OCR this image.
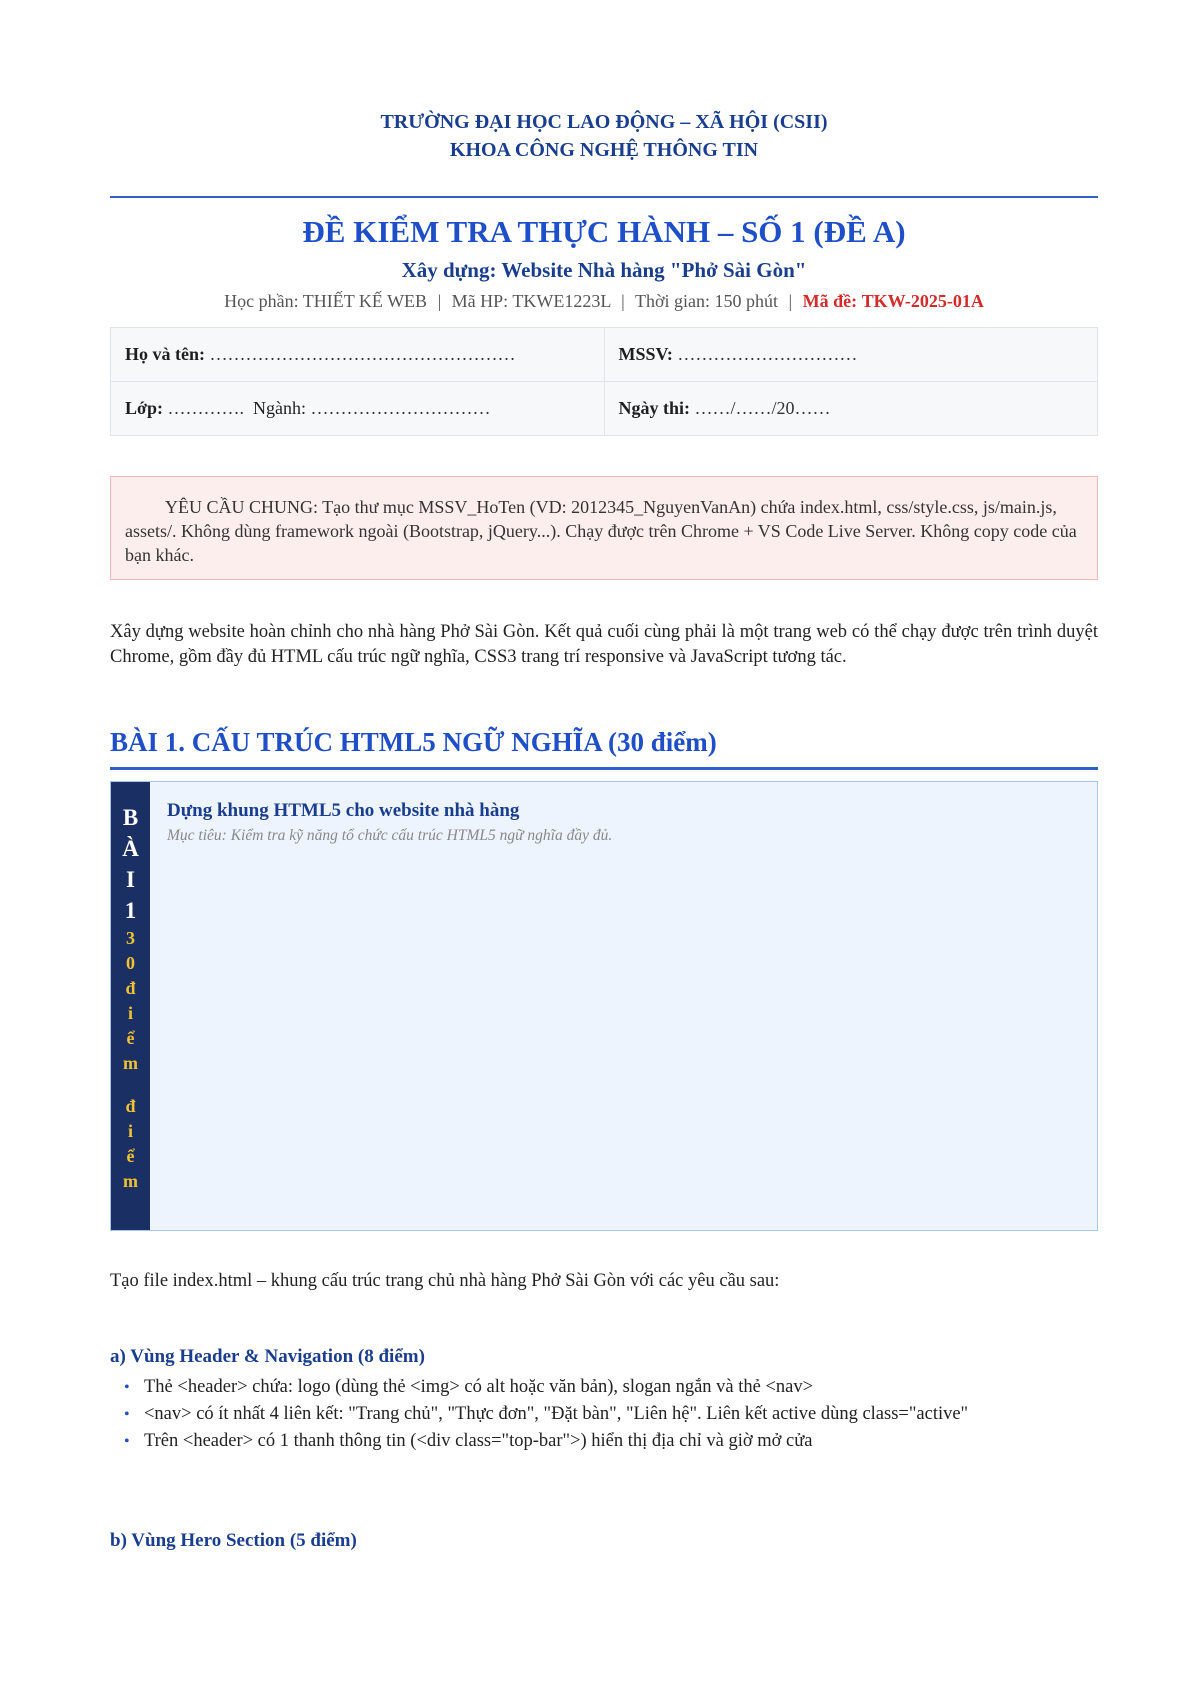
TRƯỜNG ĐẠI HỌC LAO ĐỘNG – XÃ HỘI (CSII)
KHOA CÔNG NGHỆ THÔNG TIN
ĐỀ KIỂM TRA THỰC HÀNH – SỐ 1 (ĐỀ A)
Xây dựng: Website Nhà hàng "Phở Sài Gòn"
Học phần: THIẾT KẾ WEB | Mã HP: TKWE1223L | Thời gian: 150 phút | Mã đề: TKW-2025-01A
Họ và tên: ……………………………………………	MSSV: …………………………
Lớp: …………. Ngành: …………………………	Ngày thi: ……/……/20……
YÊU CẦU CHUNG: Tạo thư mục MSSV_HoTen (VD: 2012345_NguyenVanAn) chứa index.html, css/style.css, js/main.js, assets/. Không dùng framework ngoài (Bootstrap, jQuery...). Chạy được trên Chrome + VS Code Live Server. Không copy code của bạn khác.
Xây dựng website hoàn chỉnh cho nhà hàng Phở Sài Gòn. Kết quả cuối cùng phải là một trang web có thể chạy được trên trình duyệt Chrome, gồm đầy đủ HTML cấu trúc ngữ nghĩa, CSS3 trang trí responsive và JavaScript tương tác.
BÀI 1. CẤU TRÚC HTML5 NGỮ NGHĨA (30 điểm)
B
À
I
1
3
0
đ
i
ể
m
đ
i
ể
m
Dựng khung HTML5 cho website nhà hàng
Mục tiêu: Kiểm tra kỹ năng tổ chức cấu trúc HTML5 ngữ nghĩa đầy đủ.
Tạo file index.html – khung cấu trúc trang chủ nhà hàng Phở Sài Gòn với các yêu cầu sau:
a) Vùng Header & Navigation (8 điểm)
• Thẻ <header> chứa: logo (dùng thẻ <img> có alt hoặc văn bản), slogan ngắn và thẻ <nav>
• <nav> có ít nhất 4 liên kết: "Trang chủ", "Thực đơn", "Đặt bàn", "Liên hệ". Liên kết active dùng class="active"
• Trên <header> có 1 thanh thông tin (<div class="top-bar">) hiển thị địa chỉ và giờ mở cửa
b) Vùng Hero Section (5 điểm)
